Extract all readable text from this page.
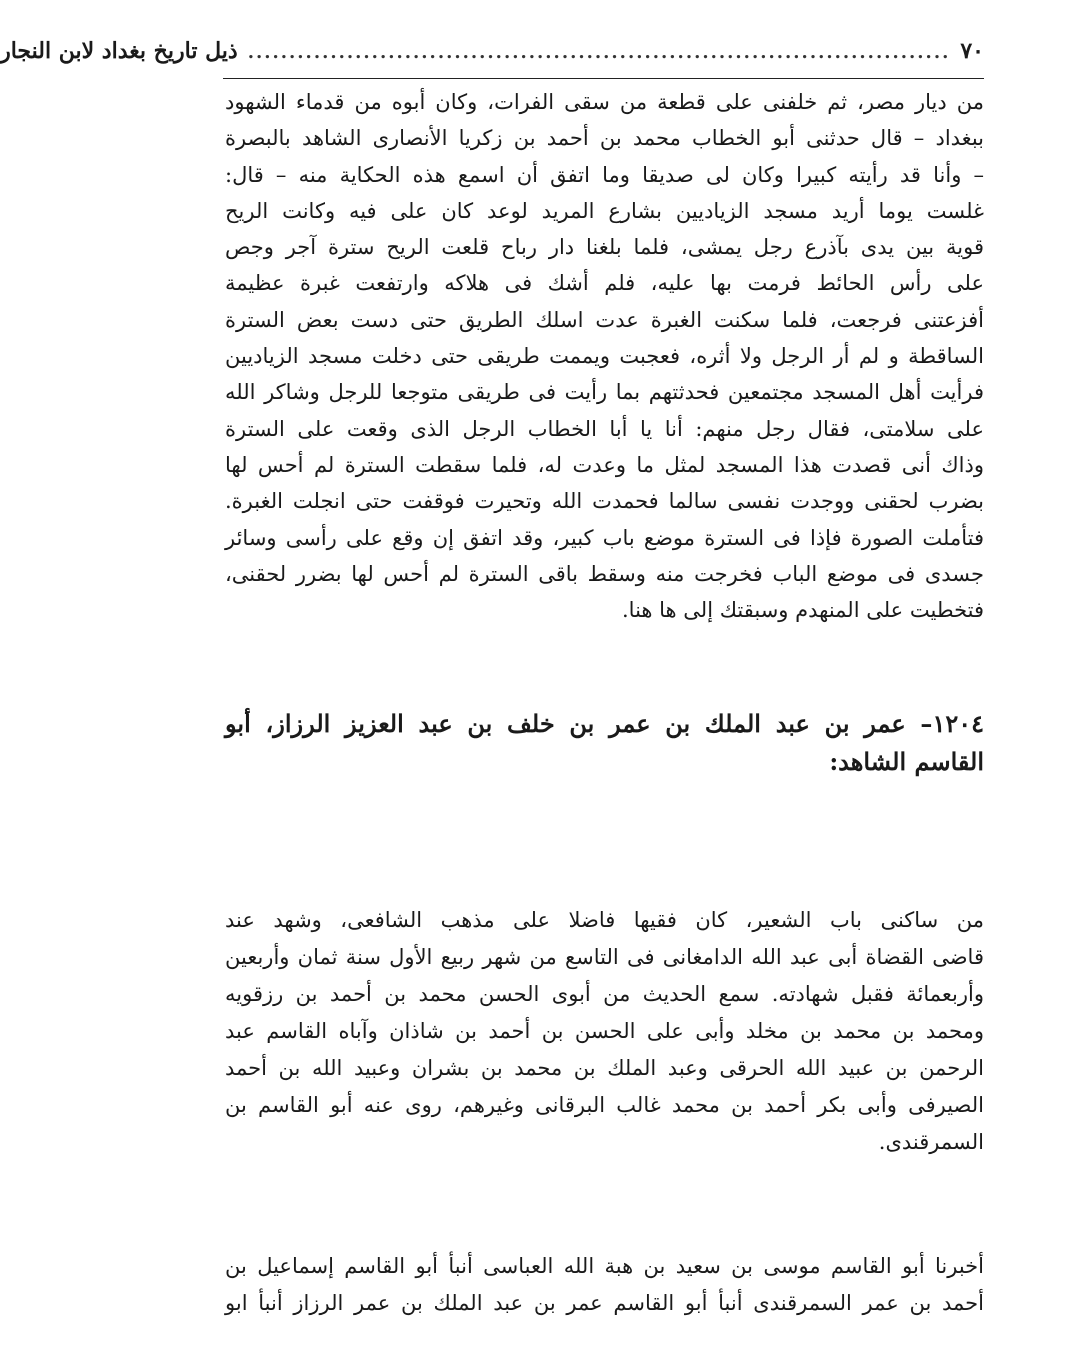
٧٠
.....................................................................................
ذيل تاريخ بغداد لابن النجار
من ديار مصر، ثم خلفنى على قطعة من سقى الفرات، وكان أبوه من قدماء الشهود
ببغداد – قال حدثنى أبو الخطاب محمد بن أحمد بن زكريا الأنصارى الشاهد بالبصرة
– وأنا قد رأيته كبيرا وكان لى صديقا وما اتفق أن اسمع هذه الحكاية منه – قال:
غلست يوما أريد مسجد الزياديين بشارع المريد لوعد كان على فيه وكانت الريح
قوية بين يدى بآذرع رجل يمشى، فلما بلغنا دار رباح قلعت الريح سترة آجر وجص
على رأس الحائط فرمت بها عليه، فلم أشك فى هلاكه وارتفعت غبرة عظيمة
أفزعتنى فرجعت، فلما سكنت الغبرة عدت اسلك الطريق حتى دست بعض السترة
الساقطة و لم أر الرجل ولا أثره، فعجبت ويممت طريقى حتى دخلت مسجد الزياديين
فرأيت أهل المسجد مجتمعين فحدثتهم بما رأيت فى طريقى متوجعا للرجل وشاكر الله
على سلامتى، فقال رجل منهم: أنا يا أبا الخطاب الرجل الذى وقعت على السترة
وذاك أنى قصدت هذا المسجد لمثل ما وعدت له، فلما سقطت السترة لم أحس لها
بضرب لحقنى ووجدت نفسى سالما فحمدت الله وتحيرت فوقفت حتى انجلت الغبرة.
فتأملت الصورة فإذا فى السترة موضع باب كبير، وقد اتفق إن وقع على رأسى وسائر
جسدى فى موضع الباب فخرجت منه وسقط باقى السترة لم أحس لها بضرر لحقنى،
فتخطيت على المنهدم وسبقتك إلى ها هنا.
١٢٠٤– عمر بن عبد الملك بن عمر بن خلف بن عبد العزيز الرزاز، أبو
القاسم الشاهد:
من ساكنى باب الشعير، كان فقيها فاضلا على مذهب الشافعى، وشهد عند
قاضى القضاة أبى عبد الله الدامغانى فى التاسع من شهر ربيع الأول سنة ثمان وأربعين
وأربعمائة فقبل شهادته. سمع الحديث من أبوى الحسن محمد بن أحمد بن رزقويه
ومحمد بن محمد بن مخلد وأبى على الحسن بن أحمد بن شاذان وآباه القاسم عبد
الرحمن بن عبيد الله الحرقى وعبد الملك بن محمد بن بشران وعبيد الله بن أحمد
الصيرفى وأبى بكر أحمد بن محمد غالب البرقانى وغيرهم، روى عنه أبو القاسم بن
السمرقندى.
أخبرنا أبو القاسم موسى بن سعيد بن هبة الله العباسى أنبأ أبو القاسم إسماعيل بن
أحمد بن عمر السمرقندى أنبأ أبو القاسم عمر بن عبد الملك بن عمر الرزاز أنبأ ابو
